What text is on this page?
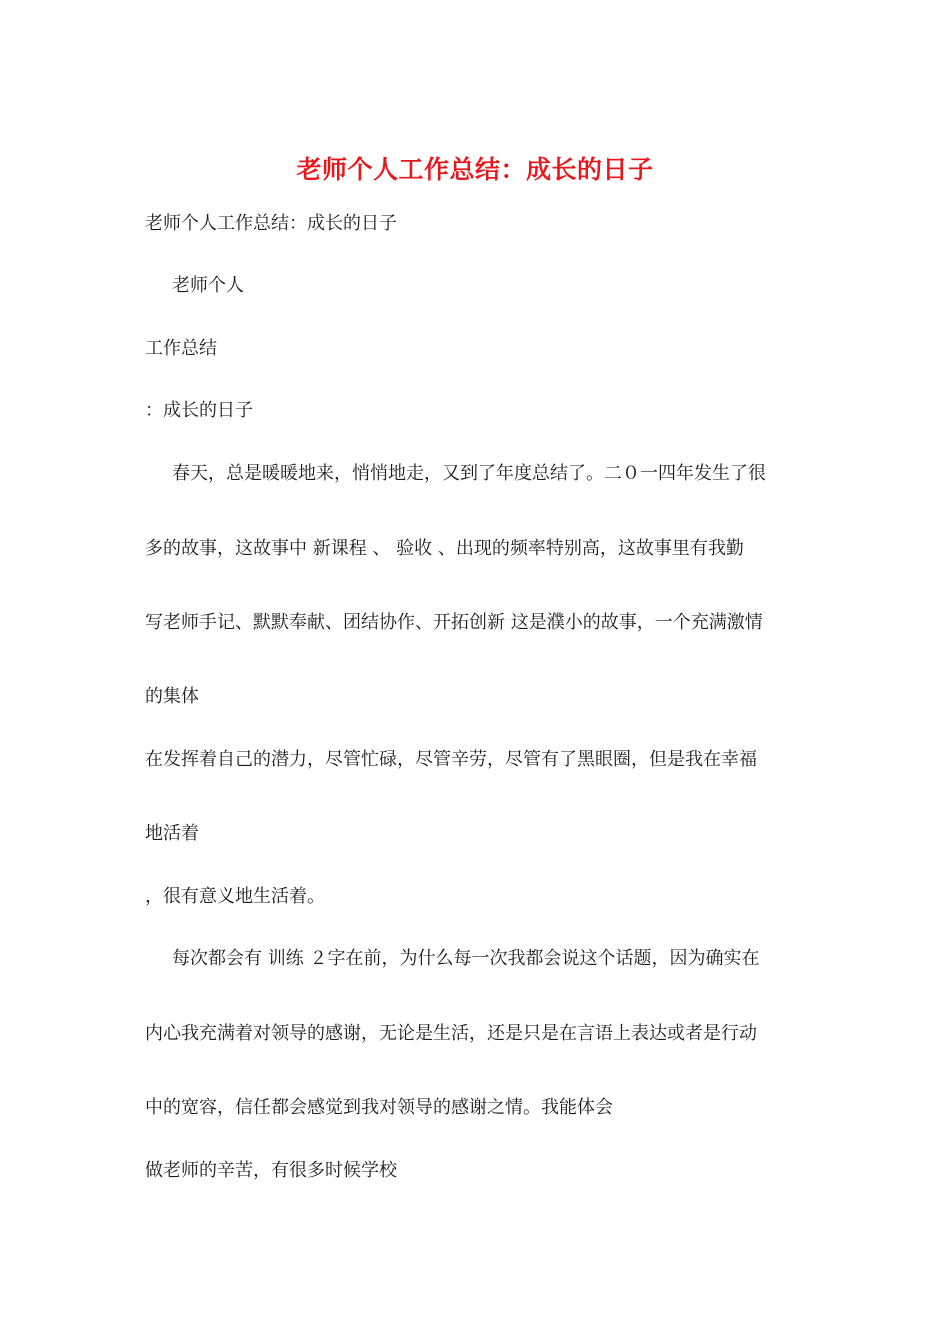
老师个人工作总结：成长的日子
老师个人工作总结：成长的日子
老师个人
工作总结
：成长的日子
春天，总是暖暖地来，悄悄地走，又到了年度总结了。二０一四年发生了很
多的故事，这故事中 新课程 、 验收 、出现的频率特别高，这故事里有我勤
写老师手记、默默奉献、团结协作、开拓创新 这是濮小的故事，一个充满激情
的集体
在发挥着自己的潜力，尽管忙碌，尽管辛劳，尽管有了黑眼圈，但是我在幸福
地活着
，很有意义地生活着。
每次都会有 训练 ２字在前，为什么每一次我都会说这个话题，因为确实在
内心我充满着对领导的感谢，无论是生活，还是只是在言语上表达或者是行动
中的宽容，信任都会感觉到我对领导的感谢之情。我能体会
做老师的辛苦，有很多时候学校
